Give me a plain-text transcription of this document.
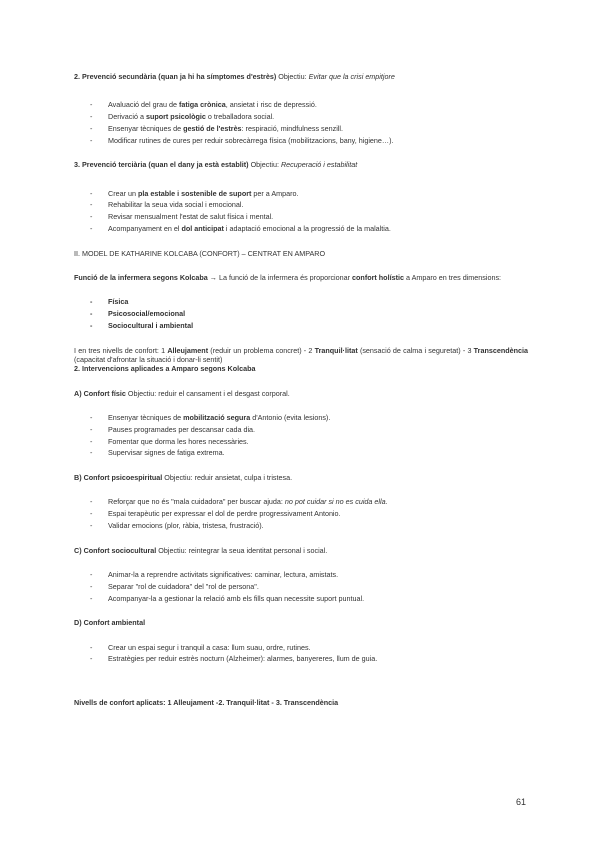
2. Prevenció secundària (quan ja hi ha símptomes d'estrès) Objectiu: Evitar que la crisi empitjore

- Avaluació del grau de fatiga crònica, ansietat i risc de depressió.
- Derivació a suport psicològic o treballadora social.
- Ensenyar tècniques de gestió de l'estrès: respiració, mindfulness senzill.
- Modificar rutines de cures per reduir sobrecàrrega física (mobilitzacions, bany, higiene…).

3. Prevenció terciària (quan el dany ja està establit) Objectiu: Recuperació i estabilitat

- Crear un pla estable i sostenible de suport per a Amparo.
- Rehabilitar la seua vida social i emocional.
- Revisar mensualment l'estat de salut física i mental.
- Acompanyament en el dol anticipat i adaptació emocional a la progressió de la malaltia.

II. MODEL DE KATHARINE KOLCABA (CONFORT) – CENTRAT EN AMPARO

Funció de la infermera segons Kolcaba → La funció de la infermera és proporcionar confort holístic a Amparo en tres dimensions:

- Física
- Psicosocial/emocional
- Sociocultural i ambiental

I en tres nivells de confort: 1 Alleujament (reduir un problema concret) - 2 Tranquil·litat (sensació de calma i seguretat) - 3 Transcendència (capacitat d'afrontar la situació i donar-li sentit)

2. Intervencions aplicades a Amparo segons Kolcaba

A) Confort físic Objectiu: reduir el cansament i el desgast corporal.

- Ensenyar tècniques de mobilització segura d'Antonio (evita lesions).
- Pauses programades per descansar cada dia.
- Fomentar que dorma les hores necessàries.
- Supervisar signes de fatiga extrema.

B) Confort psicoespiritual Objectiu: reduir ansietat, culpa i tristesa.

- Reforçar que no és "mala cuidadora" per buscar ajuda: no pot cuidar si no es cuida ella.
- Espai terapèutic per expressar el dol de perdre progressivament Antonio.
- Validar emocions (plor, ràbia, tristesa, frustració).

C) Confort sociocultural Objectiu: reintegrar la seua identitat personal i social.

- Animar-la a reprendre activitats significatives: caminar, lectura, amistats.
- Separar "rol de cuidadora" del "rol de persona".
- Acompanyar-la a gestionar la relació amb els fills quan necessite suport puntual.

D) Confort ambiental

- Crear un espai segur i tranquil a casa: llum suau, ordre, rutines.
- Estratègies per reduir estrès nocturn (Alzheimer): alarmes, banyereres, llum de guia.

Nivells de confort aplicats: 1 Alleujament -2. Tranquil·litat - 3. Transcendència

61
